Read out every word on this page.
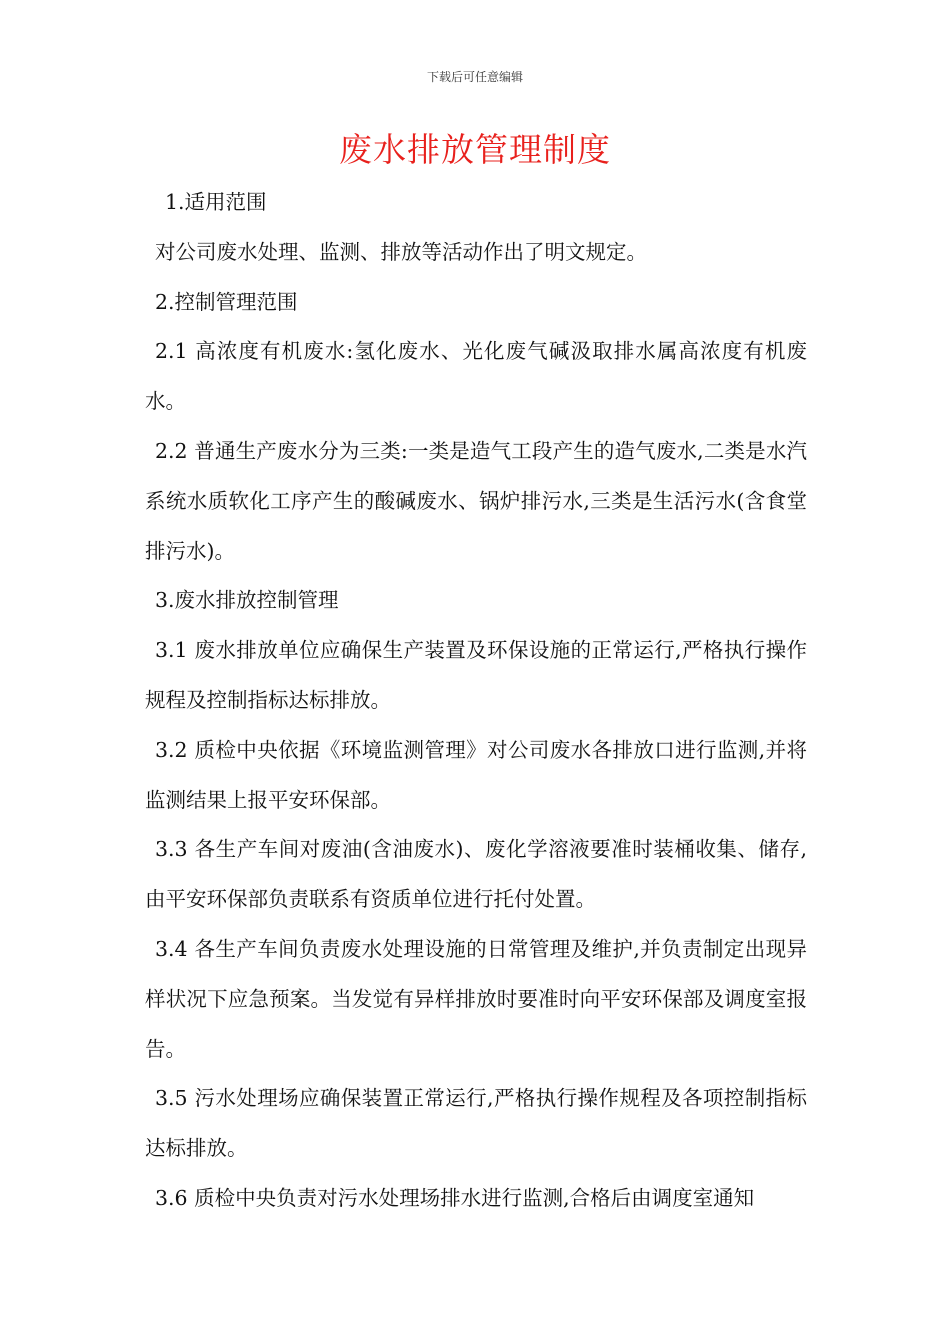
下载后可任意编辑
废水排放管理制度

1.适用范围

对公司废水处理、监测、排放等活动作出了明文规定。

2.控制管理范围

2.1 高浓度有机废水:氢化废水、光化废气碱汲取排水属高浓度有机废水。

2.2 普通生产废水分为三类:一类是造气工段产生的造气废水,二类是水汽系统水质软化工序产生的酸碱废水、锅炉排污水,三类是生活污水(含食堂排污水)。

3.废水排放控制管理

3.1 废水排放单位应确保生产装置及环保设施的正常运行,严格执行操作规程及控制指标达标排放。

3.2 质检中央依据《环境监测管理》对公司废水各排放口进行监测,并将监测结果上报平安环保部。

3.3 各生产车间对废油(含油废水)、废化学溶液要准时装桶收集、储存,由平安环保部负责联系有资质单位进行托付处置。

3.4 各生产车间负责废水处理设施的日常管理及维护,并负责制定出现异样状况下应急预案。当发觉有异样排放时要准时向平安环保部及调度室报告。

3.5 污水处理场应确保装置正常运行,严格执行操作规程及各项控制指标达标排放。

3.6 质检中央负责对污水处理场排水进行监测,合格后由调度室通知
